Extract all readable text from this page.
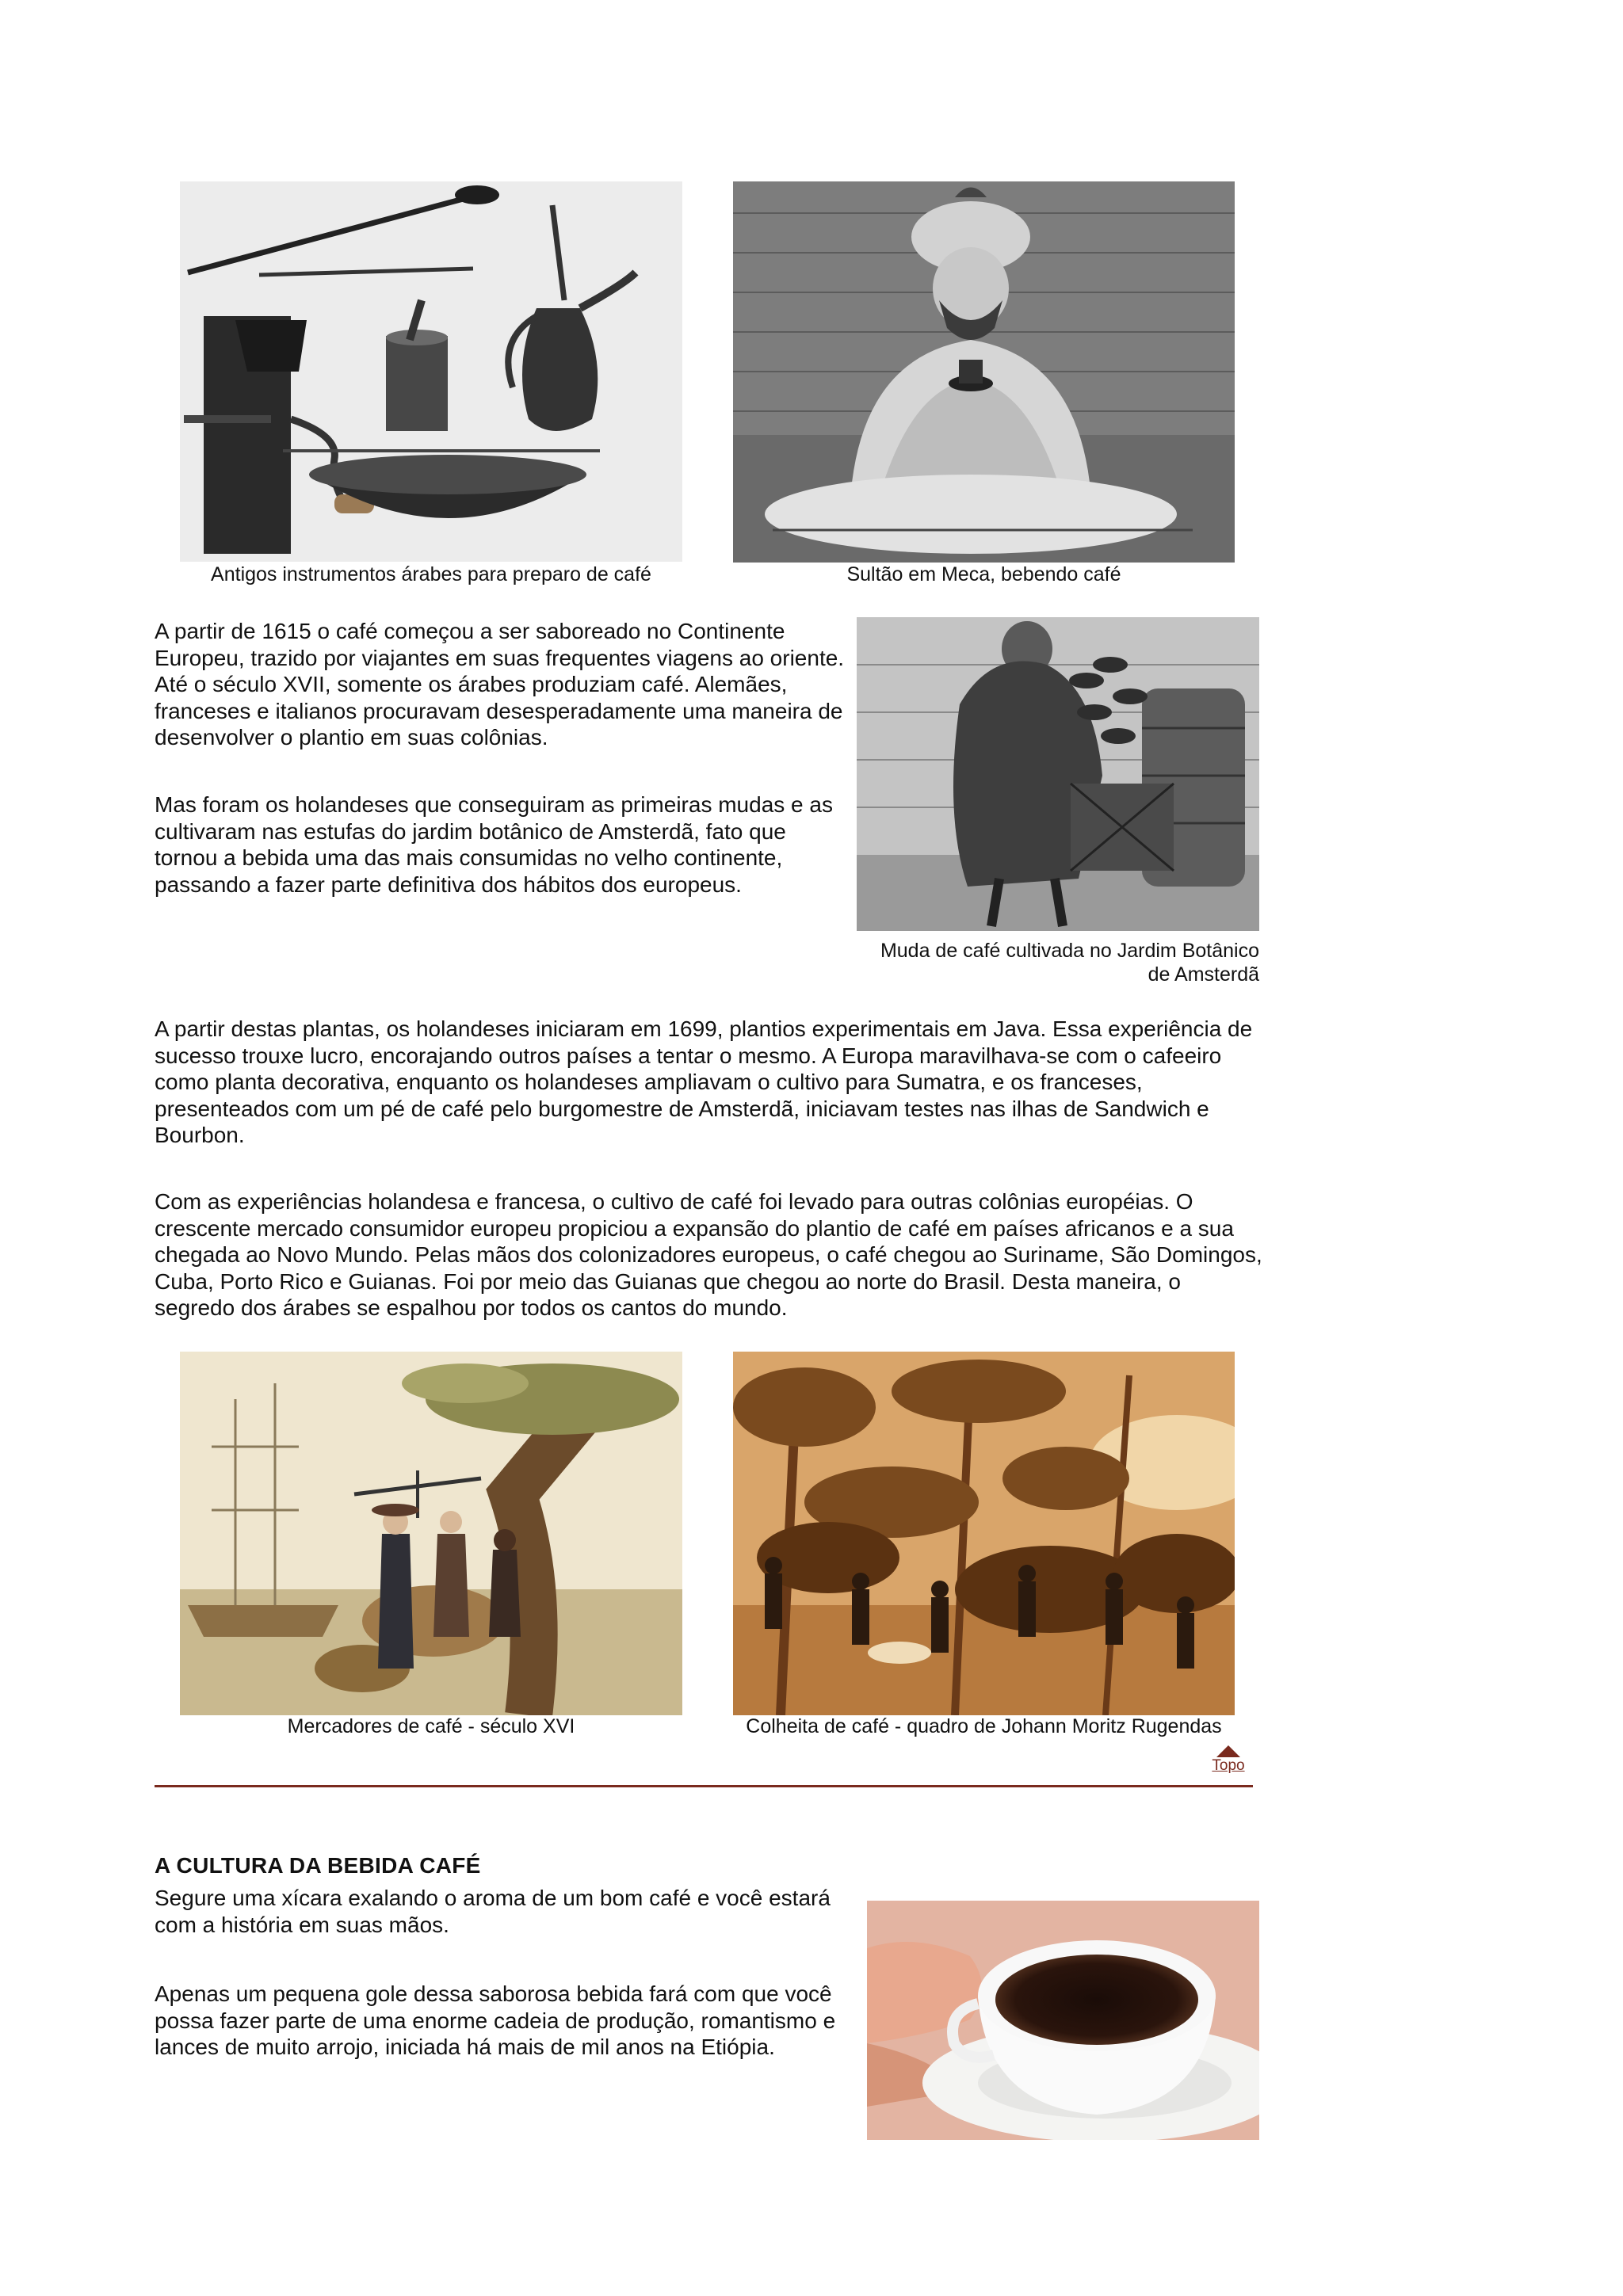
Antigos instrumentos árabes para preparo de café	Sultão em Meca, bebendo café

A partir de 1615 o café começou a ser saboreado no Continente Europeu, trazido por viajantes em suas frequentes viagens ao oriente. Até o século XVII, somente os árabes produziam café. Alemães, franceses e italianos procuravam desesperadamente uma maneira de desenvolver o plantio em suas colônias.

Mas foram os holandeses que conseguiram as primeiras mudas e as cultivaram nas estufas do jardim botânico de Amsterdã, fato que tornou a bebida uma das mais consumidas no velho continente, passando a fazer parte definitiva dos hábitos dos europeus.

Muda de café cultivada no Jardim Botânico
de Amsterdã

A partir destas plantas, os holandeses iniciaram em 1699, plantios experimentais em Java. Essa experiência de sucesso trouxe lucro, encorajando outros países a tentar o mesmo. A Europa maravilhava-se com o cafeeiro como planta decorativa, enquanto os holandeses ampliavam o cultivo para Sumatra, e os franceses, presenteados com um pé de café pelo burgomestre de Amsterdã, iniciavam testes nas ilhas de Sandwich e Bourbon.

Com as experiências holandesa e francesa, o cultivo de café foi levado para outras colônias européias. O crescente mercado consumidor europeu propiciou a expansão do plantio de café em países africanos e a sua chegada ao Novo Mundo. Pelas mãos dos colonizadores europeus, o café chegou ao Suriname, São Domingos, Cuba, Porto Rico e Guianas. Foi por meio das Guianas que chegou ao norte do Brasil. Desta maneira, o segredo dos árabes se espalhou por todos os cantos do mundo.

Mercadores de café - século XVI	Colheita de café - quadro de Johann Moritz Rugendas
Topo
A CULTURA DA BEBIDA CAFÉ

Segure uma xícara exalando o aroma de um bom café e você estará com a história em suas mãos.

Apenas um pequena gole dessa saborosa bebida fará com que você possa fazer parte de uma enorme cadeia de produção, romantismo e lances de muito arrojo, iniciada há mais de mil anos na Etiópia.
